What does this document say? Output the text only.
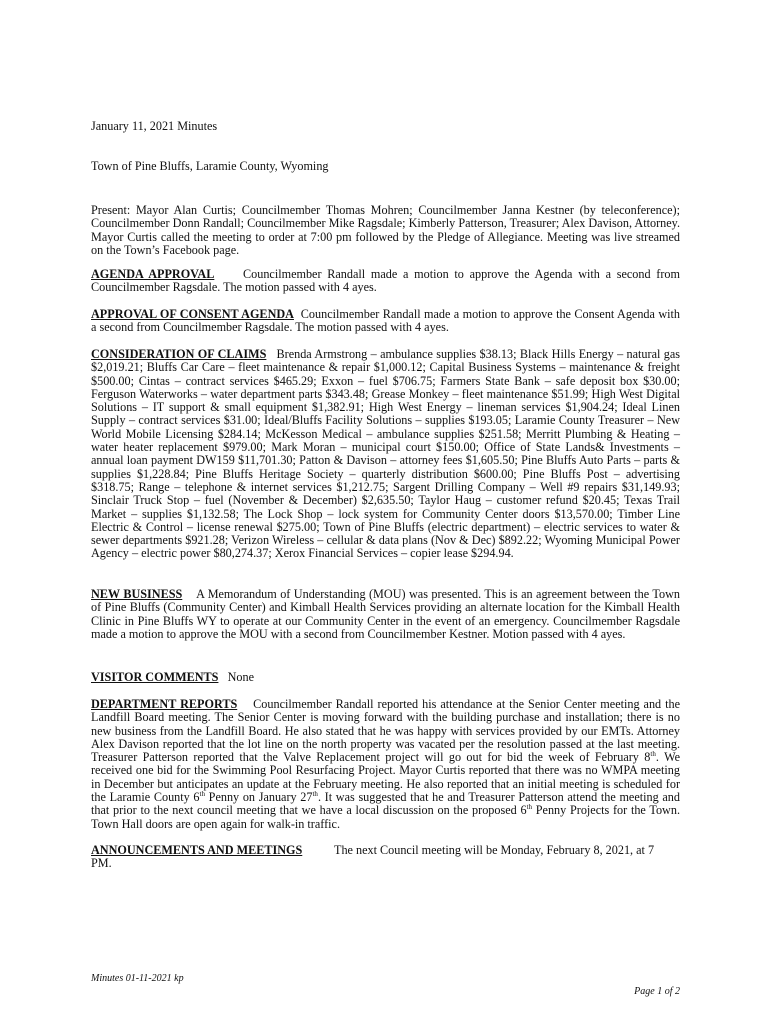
January 11, 2021 Minutes
Town of Pine Bluffs, Laramie County, Wyoming

Present: Mayor Alan Curtis; Councilmember Thomas Mohren; Councilmember Janna Kestner (by teleconference); Councilmember Donn Randall; Councilmember Mike Ragsdale; Kimberly Patterson, Treasurer; Alex Davison, Attorney. Mayor Curtis called the meeting to order at 7:00 pm followed by the Pledge of Allegiance. Meeting was live streamed on the Town’s Facebook page.

AGENDA APPROVAL Councilmember Randall made a motion to approve the Agenda with a second from Councilmember Ragsdale. The motion passed with 4 ayes.

APPROVAL OF CONSENT AGENDA Councilmember Randall made a motion to approve the Consent Agenda with a second from Councilmember Ragsdale. The motion passed with 4 ayes.

CONSIDERATION OF CLAIMS Brenda Armstrong – ambulance supplies $38.13; Black Hills Energy – natural gas $2,019.21; Bluffs Car Care – fleet maintenance & repair $1,000.12; Capital Business Systems – maintenance & freight $500.00; Cintas – contract services $465.29; Exxon – fuel $706.75; Farmers State Bank – safe deposit box $30.00; Ferguson Waterworks – water department parts $343.48; Grease Monkey – fleet maintenance $51.99; High West Digital Solutions – IT support & small equipment $1,382.91; High West Energy – lineman services $1,904.24; Ideal Linen Supply – contract services $31.00; Ideal/Bluffs Facility Solutions – supplies $193.05; Laramie County Treasurer – New World Mobile Licensing $284.14; McKesson Medical – ambulance supplies $251.58; Merritt Plumbing & Heating – water heater replacement $979.00; Mark Moran – municipal court $150.00; Office of State Lands& Investments – annual loan payment DW159 $11,701.30; Patton & Davison – attorney fees $1,605.50; Pine Bluffs Auto Parts – parts & supplies $1,228.84; Pine Bluffs Heritage Society – quarterly distribution $600.00; Pine Bluffs Post – advertising $318.75; Range – telephone & internet services $1,212.75; Sargent Drilling Company – Well #9 repairs $31,149.93; Sinclair Truck Stop – fuel (November & December) $2,635.50; Taylor Haug – customer refund $20.45; Texas Trail Market – supplies $1,132.58; The Lock Shop – lock system for Community Center doors $13,570.00; Timber Line Electric & Control – license renewal $275.00; Town of Pine Bluffs (electric department) – electric services to water & sewer departments $921.28; Verizon Wireless – cellular & data plans (Nov & Dec) $892.22; Wyoming Municipal Power Agency – electric power $80,274.37; Xerox Financial Services – copier lease $294.94.

NEW BUSINESS A Memorandum of Understanding (MOU) was presented. This is an agreement between the Town of Pine Bluffs (Community Center) and Kimball Health Services providing an alternate location for the Kimball Health Clinic in Pine Bluffs WY to operate at our Community Center in the event of an emergency. Councilmember Ragsdale made a motion to approve the MOU with a second from Councilmember Kestner. Motion passed with 4 ayes.

VISITOR COMMENTS None

DEPARTMENT REPORTS Councilmember Randall reported his attendance at the Senior Center meeting and the Landfill Board meeting. The Senior Center is moving forward with the building purchase and installation; there is no new business from the Landfill Board. He also stated that he was happy with services provided by our EMTs. Attorney Alex Davison reported that the lot line on the north property was vacated per the resolution passed at the last meeting. Treasurer Patterson reported that the Valve Replacement project will go out for bid the week of February 8th. We received one bid for the Swimming Pool Resurfacing Project. Mayor Curtis reported that there was no WMPA meeting in December but anticipates an update at the February meeting. He also reported that an initial meeting is scheduled for the Laramie County 6th Penny on January 27th. It was suggested that he and Treasurer Patterson attend the meeting and that prior to the next council meeting that we have a local discussion on the proposed 6th Penny Projects for the Town. Town Hall doors are open again for walk-in traffic.

ANNOUNCEMENTS AND MEETINGS	The next Council meeting will be Monday, February 8, 2021, at 7
PM.
Minutes 01-11-2021 kp
Page 1 of 2
